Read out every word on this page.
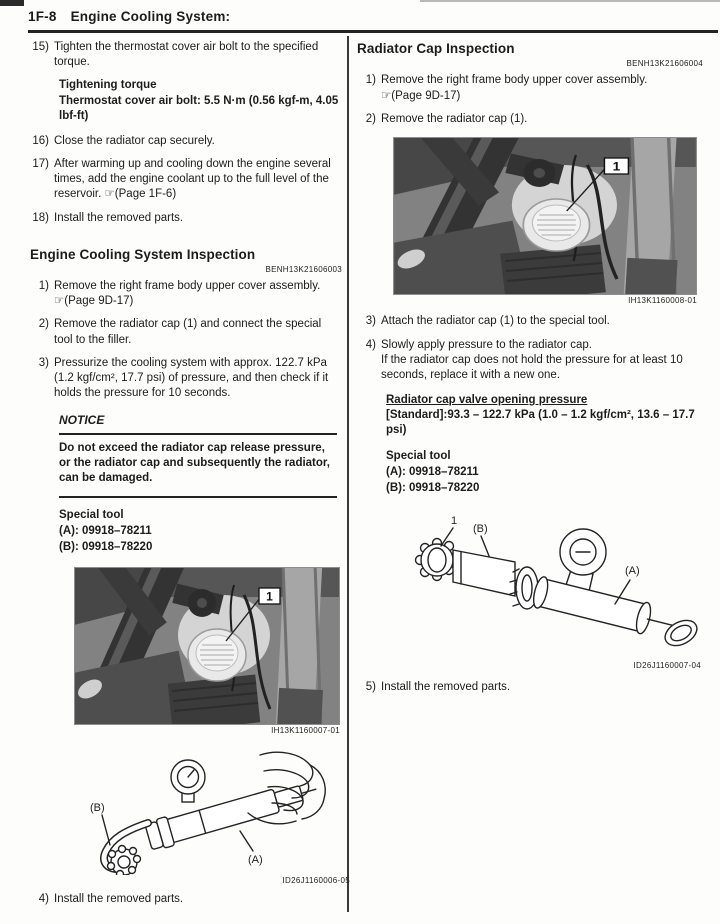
1F-8 Engine Cooling System:
15) Tighten the thermostat cover air bolt to the specified torque.
Tightening torque
Thermostat cover air bolt: 5.5 N·m (0.56 kgf-m, 4.05 lbf-ft)
16) Close the radiator cap securely.
17) After warming up and cooling down the engine several times, add the engine coolant up to the full level of the reservoir. ☞(Page 1F-6)
18) Install the removed parts.
Engine Cooling System Inspection
BENH13K21606003
1) Remove the right frame body upper cover assembly.
☞(Page 9D-17)
2) Remove the radiator cap (1) and connect the special tool to the filler.
3) Pressurize the cooling system with approx. 122.7 kPa (1.2 kgf/cm², 17.7 psi) of pressure, and then check if it holds the pressure for 10 seconds.
NOTICE
Do not exceed the radiator cap release pressure, or the radiator cap and subsequently the radiator, can be damaged.
Special tool
(A): 09918–78211
(B): 09918–78220
1
IH13K1160007-01
(B)
(A)
ID26J1160006-05
4) Install the removed parts.
Radiator Cap Inspection
BENH13K21606004
1) Remove the right frame body upper cover assembly.
☞(Page 9D-17)
2) Remove the radiator cap (1).
1
IH13K1160008-01
3) Attach the radiator cap (1) to the special tool.
4) Slowly apply pressure to the radiator cap.
If the radiator cap does not hold the pressure for at least 10 seconds, replace it with a new one.
Radiator cap valve opening pressure
[Standard]:93.3 – 122.7 kPa (1.0 – 1.2 kgf/cm², 13.6 – 17.7 psi)
Special tool
(A): 09918–78211
(B): 09918–78220
1
(B)
(A)
ID26J1160007-04
5) Install the removed parts.
